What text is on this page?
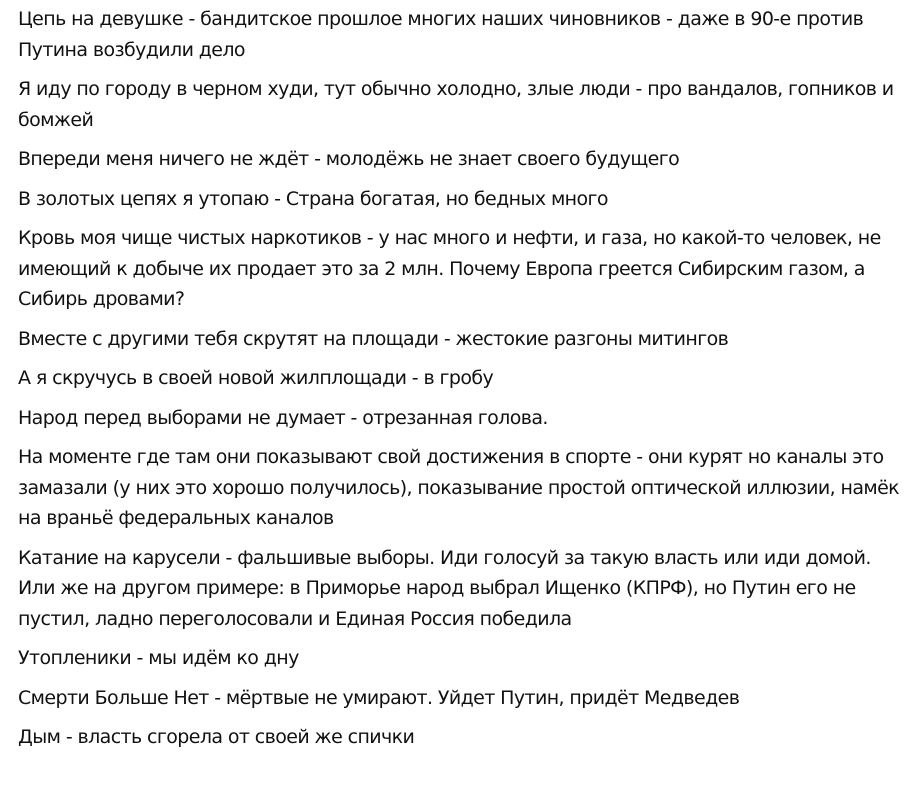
Цепь на девушке - бандитское прошлое многих наших чиновников - даже в 90-е против Путина возбудили дело

Я иду по городу в черном худи, тут обычно холодно, злые люди - про вандалов, гопников и бомжей

Впереди меня ничего не ждёт - молодёжь не знает своего будущего

В золотых цепях я утопаю - Страна богатая, но бедных много

Кровь моя чище чистых наркотиков - у нас много и нефти, и газа, но какой-то человек, не имеющий к добыче их продает это за 2 млн. Почему Европа греется Сибирским газом, а Сибирь дровами?

Вместе с другими тебя скрутят на площади - жестокие разгоны митингов

А я скручусь в своей новой жилплощади - в гробу

Народ перед выборами не думает - отрезанная голова.

На моменте где там они показывают свой достижения в спорте - они курят но каналы это замазали (у них это хорошо получилось), показывание простой оптической иллюзии, намёк на враньё федеральных каналов

Катание на карусели - фальшивые выборы. Иди голосуй за такую власть или иди домой. Или же на другом примере: в Приморье народ выбрал Ищенко (КПРФ), но Путин его не пустил, ладно переголосовали и Единая Россия победила

Утопленики - мы идём ко дну

Смерти Больше Нет - мёртвые не умирают. Уйдет Путин, придёт Медведев

Дым - власть сгорела от своей же спички
